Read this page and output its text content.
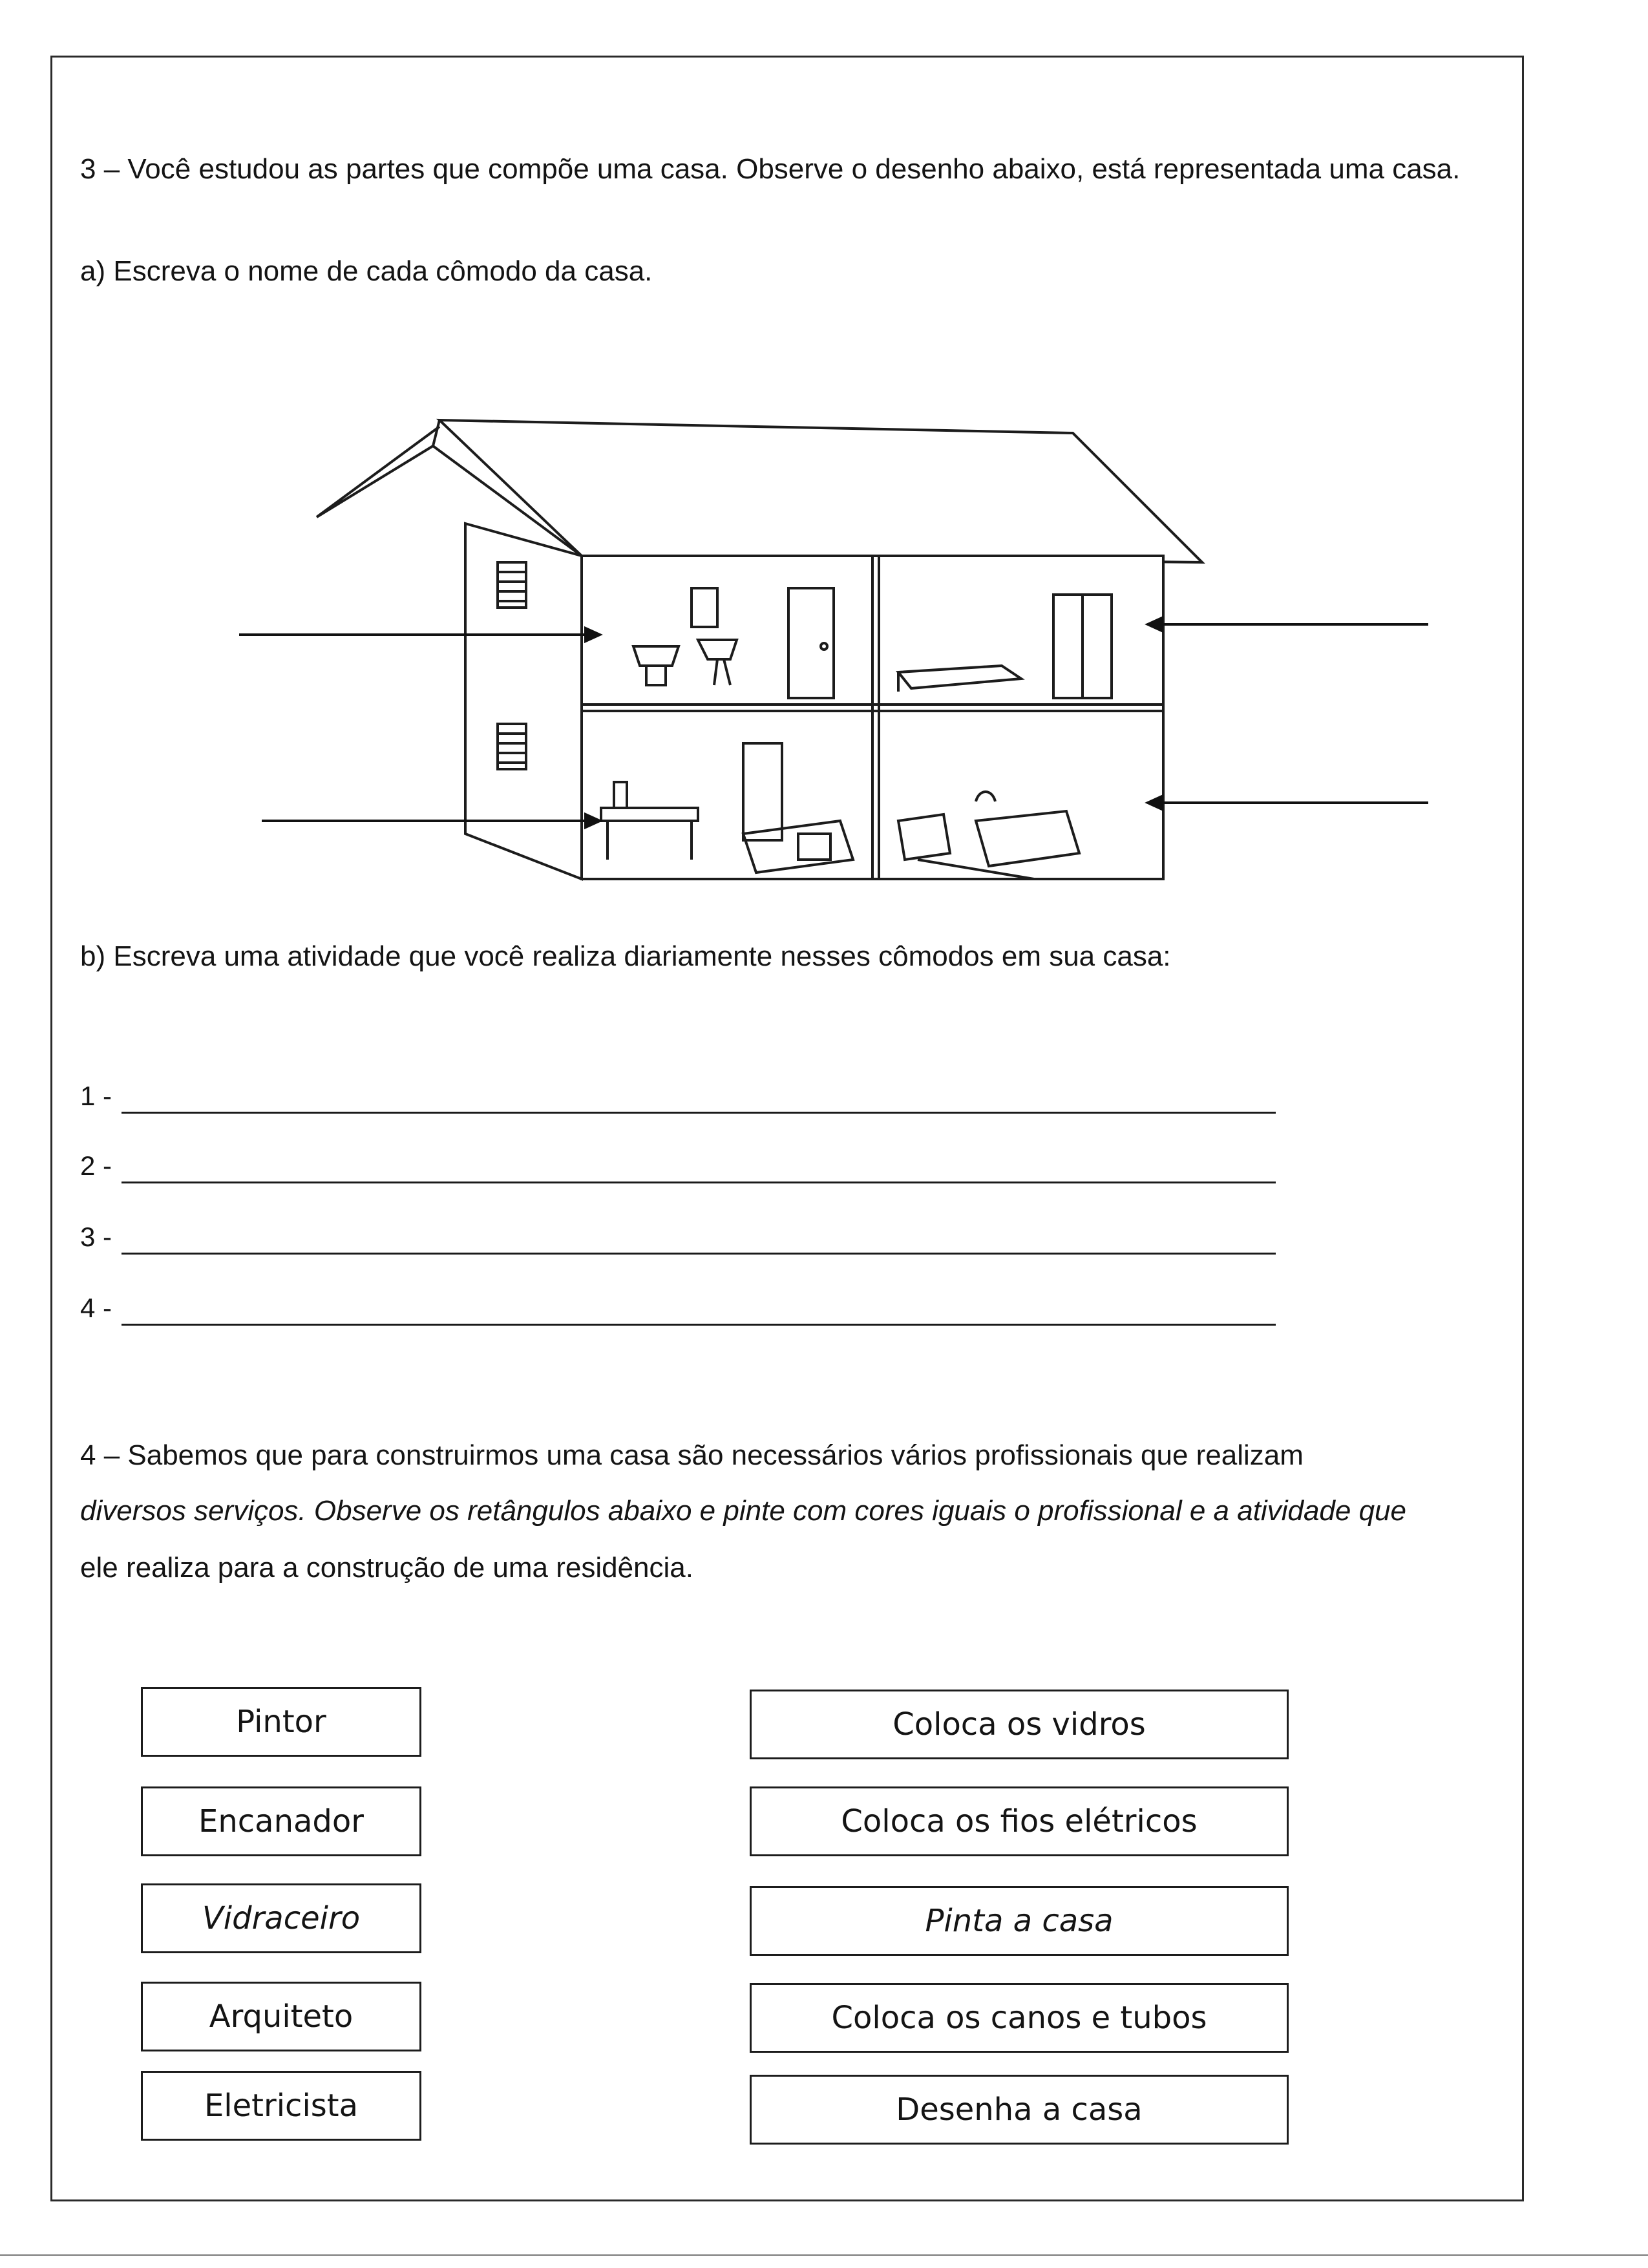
3 – Você estudou as partes que compõe uma casa. Observe o desenho abaixo, está representada uma casa.
a) Escreva o nome de cada cômodo da casa.
b) Escreva uma atividade que você realiza diariamente nesses cômodos em sua casa:
1 -
2 -
3 -
4 -
4 – Sabemos que para construirmos uma casa são necessários vários profissionais que realizam
diversos serviços. Observe os retângulos abaixo e pinte com cores iguais o profissional e a atividade que
ele realiza para a construção de uma residência.
Pintor
Encanador
Vidraceiro
Arquiteto
Eletricista
Coloca os vidros
Coloca os fios elétricos
Pinta a casa
Coloca os canos e tubos
Desenha a casa
